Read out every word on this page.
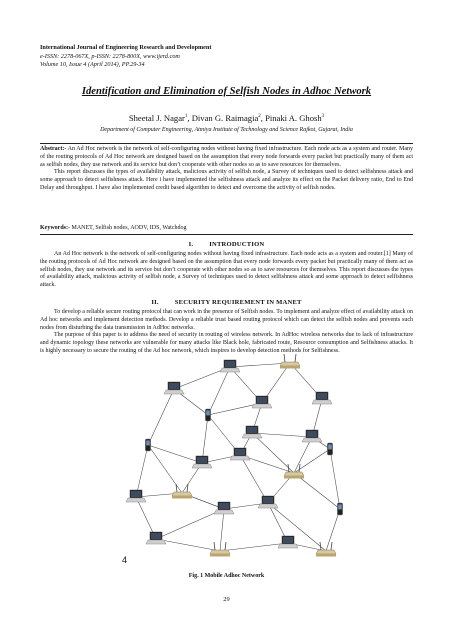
International Journal of Engineering Research and Development
e-ISSN: 2278-067X, p-ISSN: 2278-800X, www.ijerd.com
Volume 10, Issue 4 (April 2014), PP.29-34
Identification and Elimination of Selfish Nodes in Adhoc Network
Sheetal J. Nagar$^1$, Divan G. Raimagia$^2$, Pinaki A. Ghosh$^3$
Department of Computer Engineering, Atmiya Institute of Technology and Science Rajkot, Gujarat, India
Abstract:- An Ad Hoc network is the network of self-configuring nodes without having fixed infrastructure. Each node acts as a system and router. Many of the routing protocols of Ad Hoc network are designed based on the assumption that every node forwards every packet but practically many of them act as selfish nodes, they use network and its service but don’t cooperate with other nodes so as to save resources for themselves.
This report discusses the types of availability attack, malicious activity of selfish node, a Survey of techniques used to detect selfishness attack and some approach to detect selfishness attack. Here i have implemented the selfishness attack and analyze its effect on the Packet delivery ratio, End to End Delay and throughput. I have also implemented credit based algorithm to detect and overcome the activity of selfish nodes.
Keywords:- MANET, Selfish nodes, AODV, IDS, Watchdog
I. INTRODUCTION
An Ad Hoc network is the network of self-configuring nodes without having fixed infrastructure. Each node acts as a system and router.[1] Many of the routing protocols of Ad Hoc network are designed based on the assumption that every node forwards every packet but practically many of them act as selfish nodes, they use network and its service but don’t cooperate with other nodes so as to save resources for themselves. This report discusses the types of availability attack, malicious activity of selfish node, a Survey of techniques used to detect selfishness attack and some approach to detect selfishness attack.
II. SECURITY REQUIREMENT IN MANET
To develop a reliable secure routing protocol that can work in the presence of Selfish nodes. To implement and analyze effect of availability attack on Ad hoc networks and implement detection methods. Develop a reliable trust based routing protocol which can detect the selfish nodes and prevents such nodes from disturbing the data transmission in AdHoc networks.
The purpose of this paper is to address the need of security in routing of wireless network. In AdHoc wireless networks due to lack of infrastructure and dynamic topology these networks are vulnerable for many attacks like Black hole, fabricated route, Resource consumption and Selfishness attacks. It is highly necessary to secure the routing of the Ad hoc network, which inspires to develop detection methods for Selfishness.
4
Fig. 1 Mobile Adhoc Network
29
